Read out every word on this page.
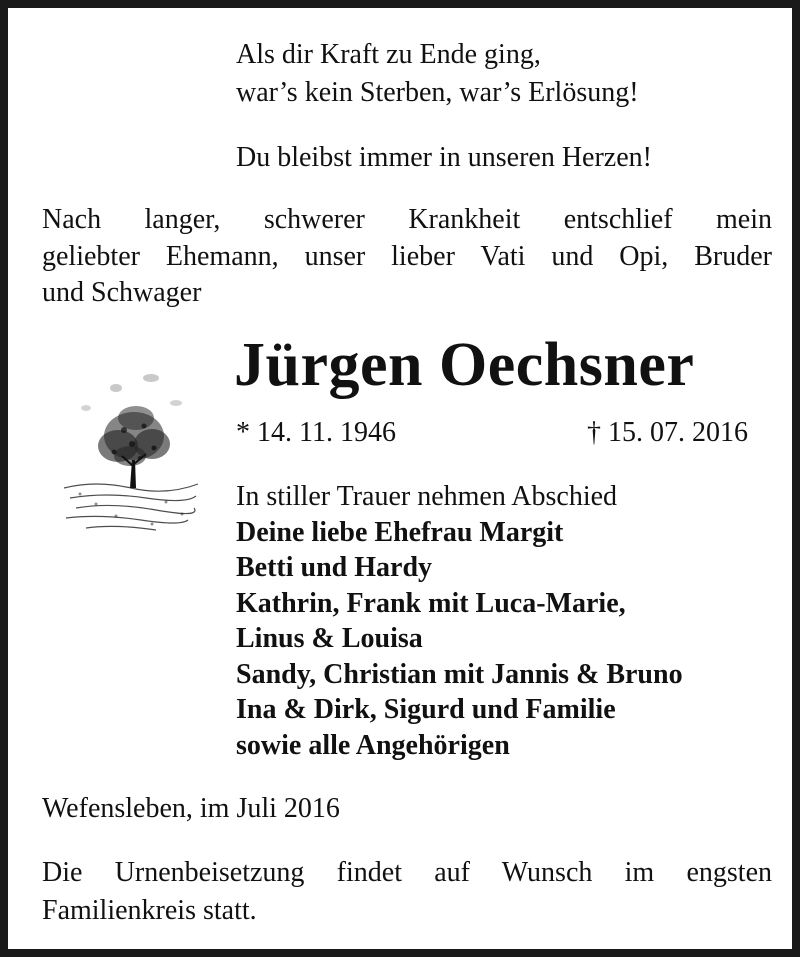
Als dir Kraft zu Ende ging,
war’s kein Sterben, war’s Erlösung!
Du bleibst immer in unseren Herzen!
Nach langer, schwerer Krankheit entschlief mein
geliebter Ehemann, unser lieber Vati und Opi, Bruder
und Schwager
Jürgen Oechsner
* 14. 11. 1946	† 15. 07. 2016
In stiller Trauer nehmen Abschied
Deine liebe Ehefrau Margit
Betti und Hardy
Kathrin, Frank mit Luca-Marie,
Linus & Louisa
Sandy, Christian mit Jannis & Bruno
Ina & Dirk, Sigurd und Familie
sowie alle Angehörigen
Wefensleben, im Juli 2016
Die Urnenbeisetzung findet auf Wunsch im engsten
Familienkreis statt.
